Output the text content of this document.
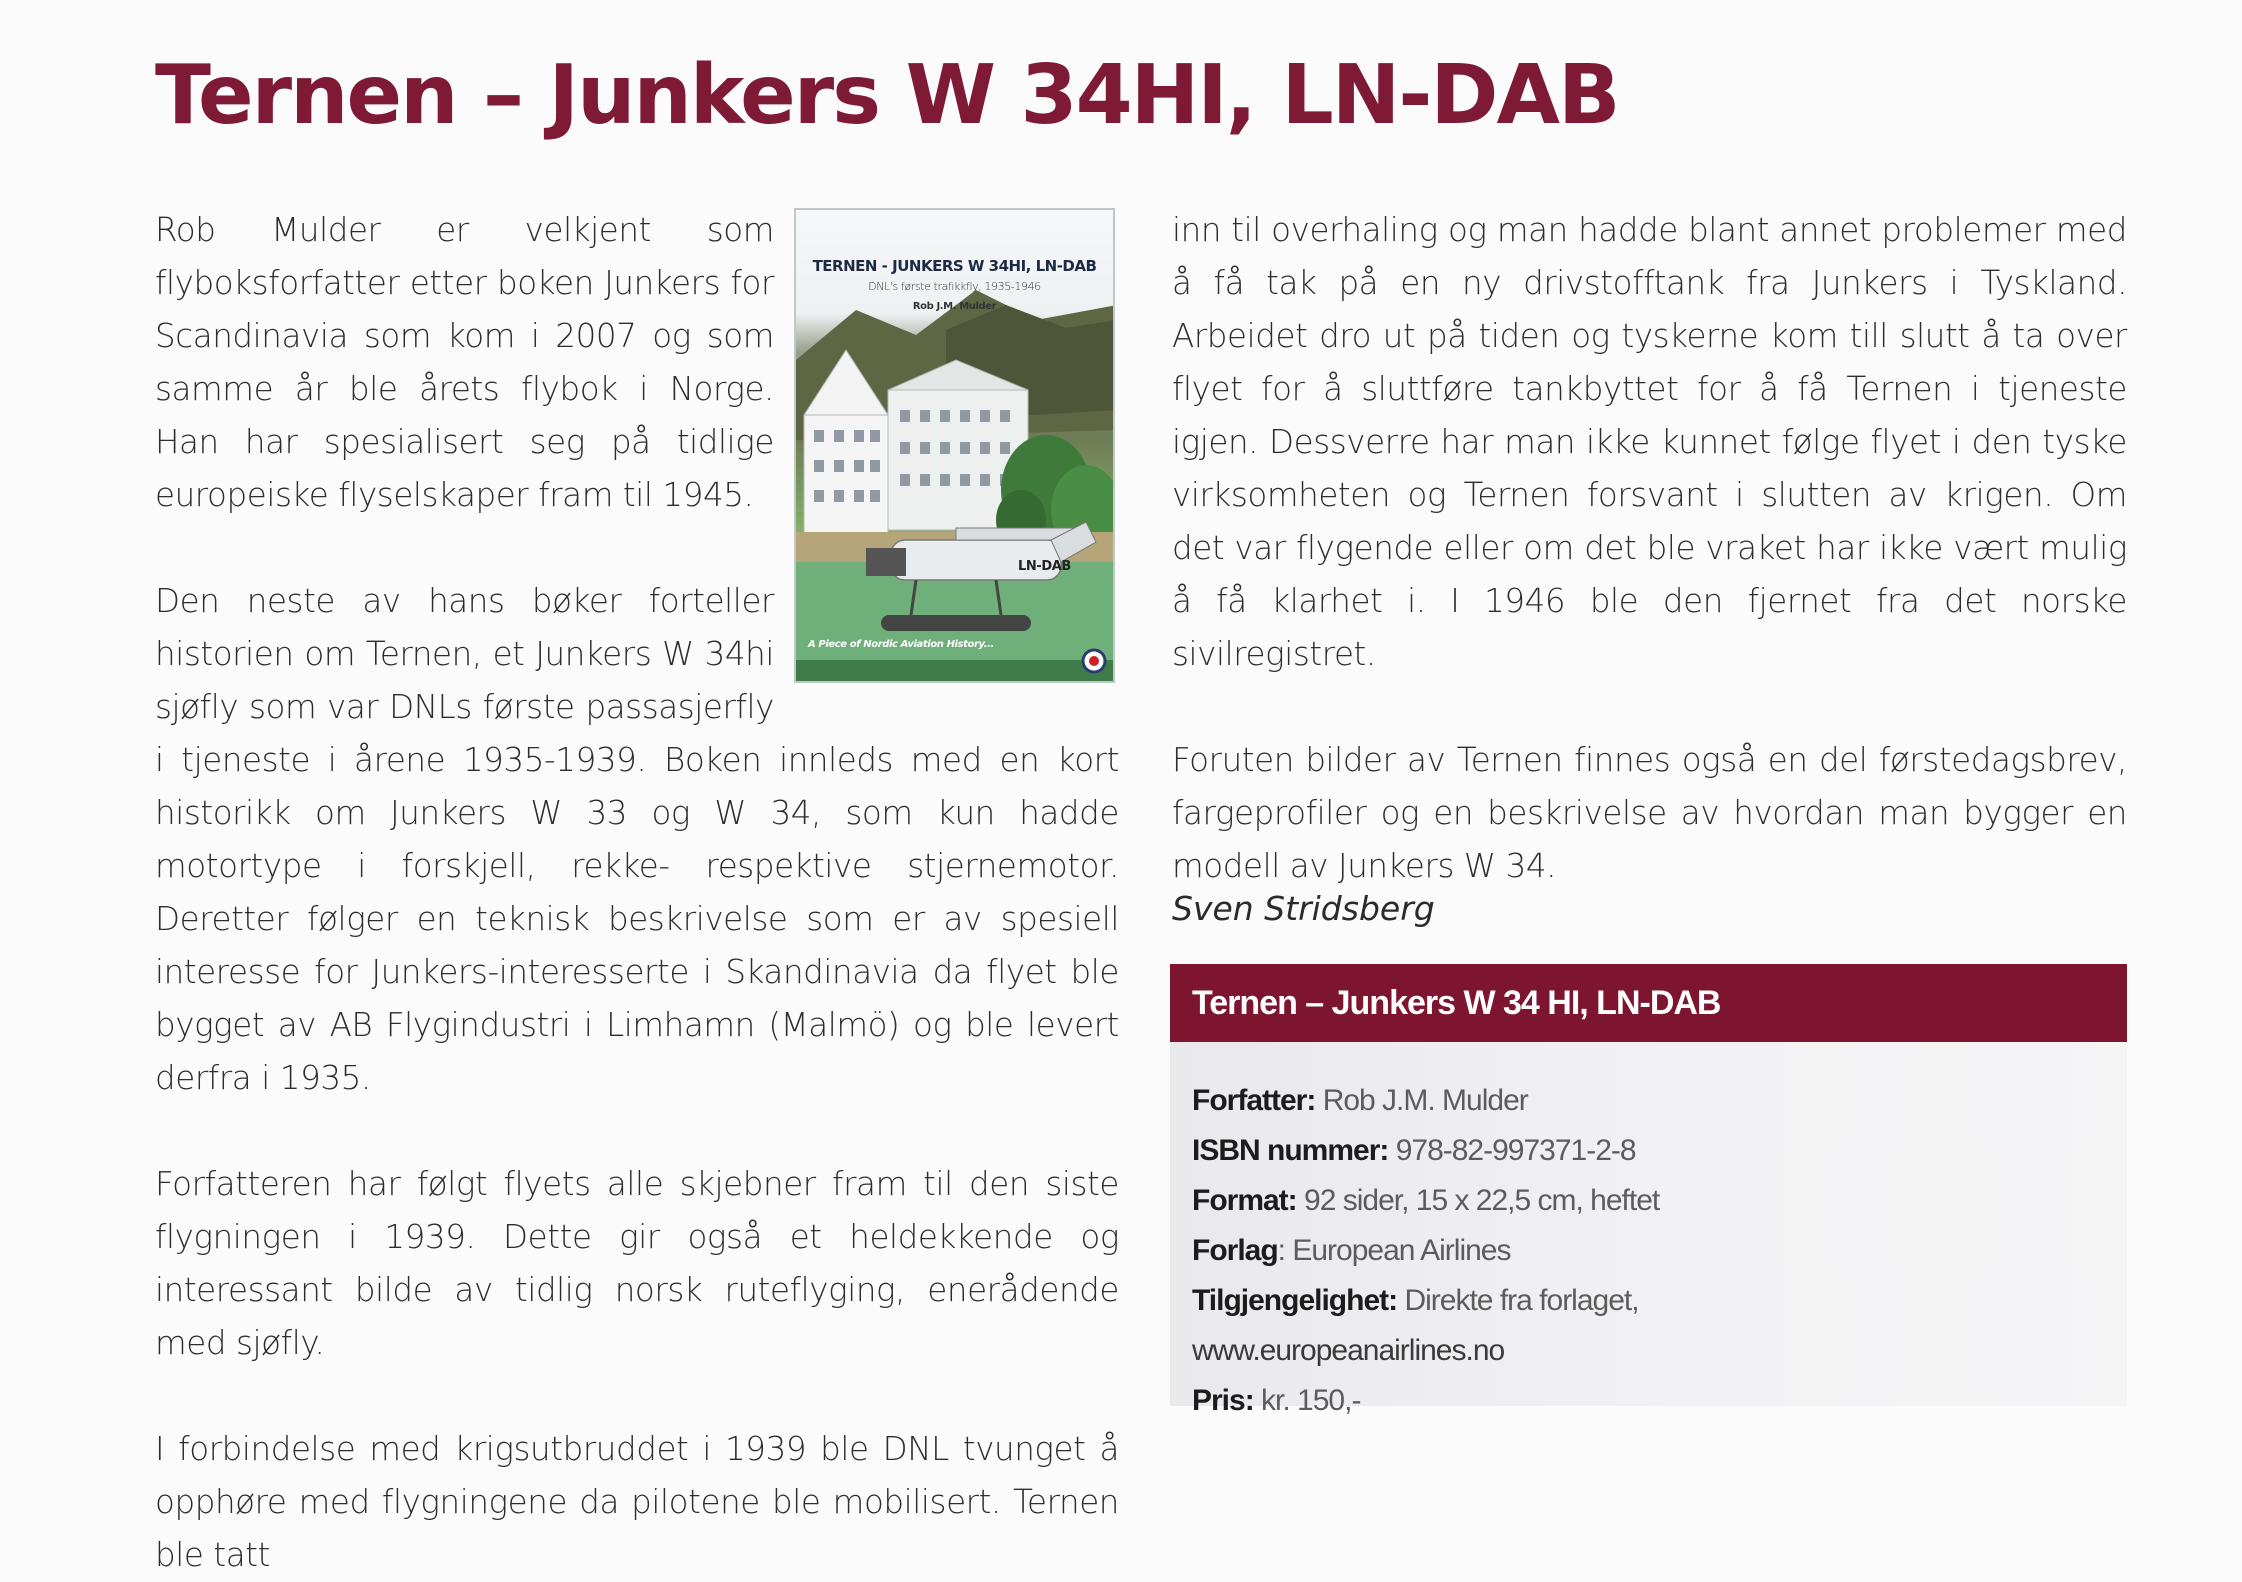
Ternen – Junkers W 34HI, LN-DAB
LN-DAB

TERNEN - JUNKERS W 34HI, LN-DAB

DNL's første trafikkfly, 1935-1946

Rob J.M. Mulder

A Piece of Nordic Aviation History...

Rob Mulder er velkjent som flyboksforfatter etter boken Junkers for Scandinavia som kom i 2007 og som samme år ble årets flybok i Norge. Han har spesialisert seg på tidlige europeiske flyselskaper fram til 1945.

Den neste av hans bøker forteller historien om Ternen, et Junkers W 34hi sjøfly som var DNLs første passasjerfly i tjeneste i årene 1935-1939. Boken innleds med en kort historikk om Junkers W 33 og W 34, som kun hadde motortype i forskjell, rekke- respektive stjernemotor. Deretter følger en teknisk beskrivelse som er av spesiell interesse for Junkers-interesserte i Skandinavia da flyet ble bygget av AB Flygindustri i Limhamn (Malmö) og ble levert derfra i 1935.

Forfatteren har følgt flyets alle skjebner fram til den siste flygningen i 1939. Dette gir også et heldekkende og interessant bilde av tidlig norsk ruteflyging, enerådende med sjøfly.

I forbindelse med krigsutbruddet i 1939 ble DNL tvunget å opphøre med flygningene da pilotene ble mobilisert. Ternen ble tatt

inn til overhaling og man hadde blant annet problemer med å få tak på en ny drivstofftank fra Junkers i Tyskland. Arbeidet dro ut på tiden og tyskerne kom till slutt å ta over flyet for å sluttføre tankbyttet for å få Ternen i tjeneste igjen. Dessverre har man ikke kunnet følge flyet i den tyske virksomheten og Ternen forsvant i slutten av krigen. Om det var flygende eller om det ble vraket har ikke vært mulig å få klarhet i. I 1946 ble den fjernet fra det norske sivilregistret.

Foruten bilder av Ternen finnes også en del førstedagsbrev, fargeprofiler og en beskrivelse av hvordan man bygger en modell av Junkers W 34.

Sven Stridsberg

Ternen – Junkers W 34 HI, LN-DAB
Forfatter: Rob J.M. Mulder
ISBN nummer: 978-82-997371-2-8
Format: 92 sider, 15 x 22,5 cm, heftet
Forlag: European Airlines
Tilgjengelighet: Direkte fra forlaget,
www.europeanairlines.no
Pris: kr. 150,-
